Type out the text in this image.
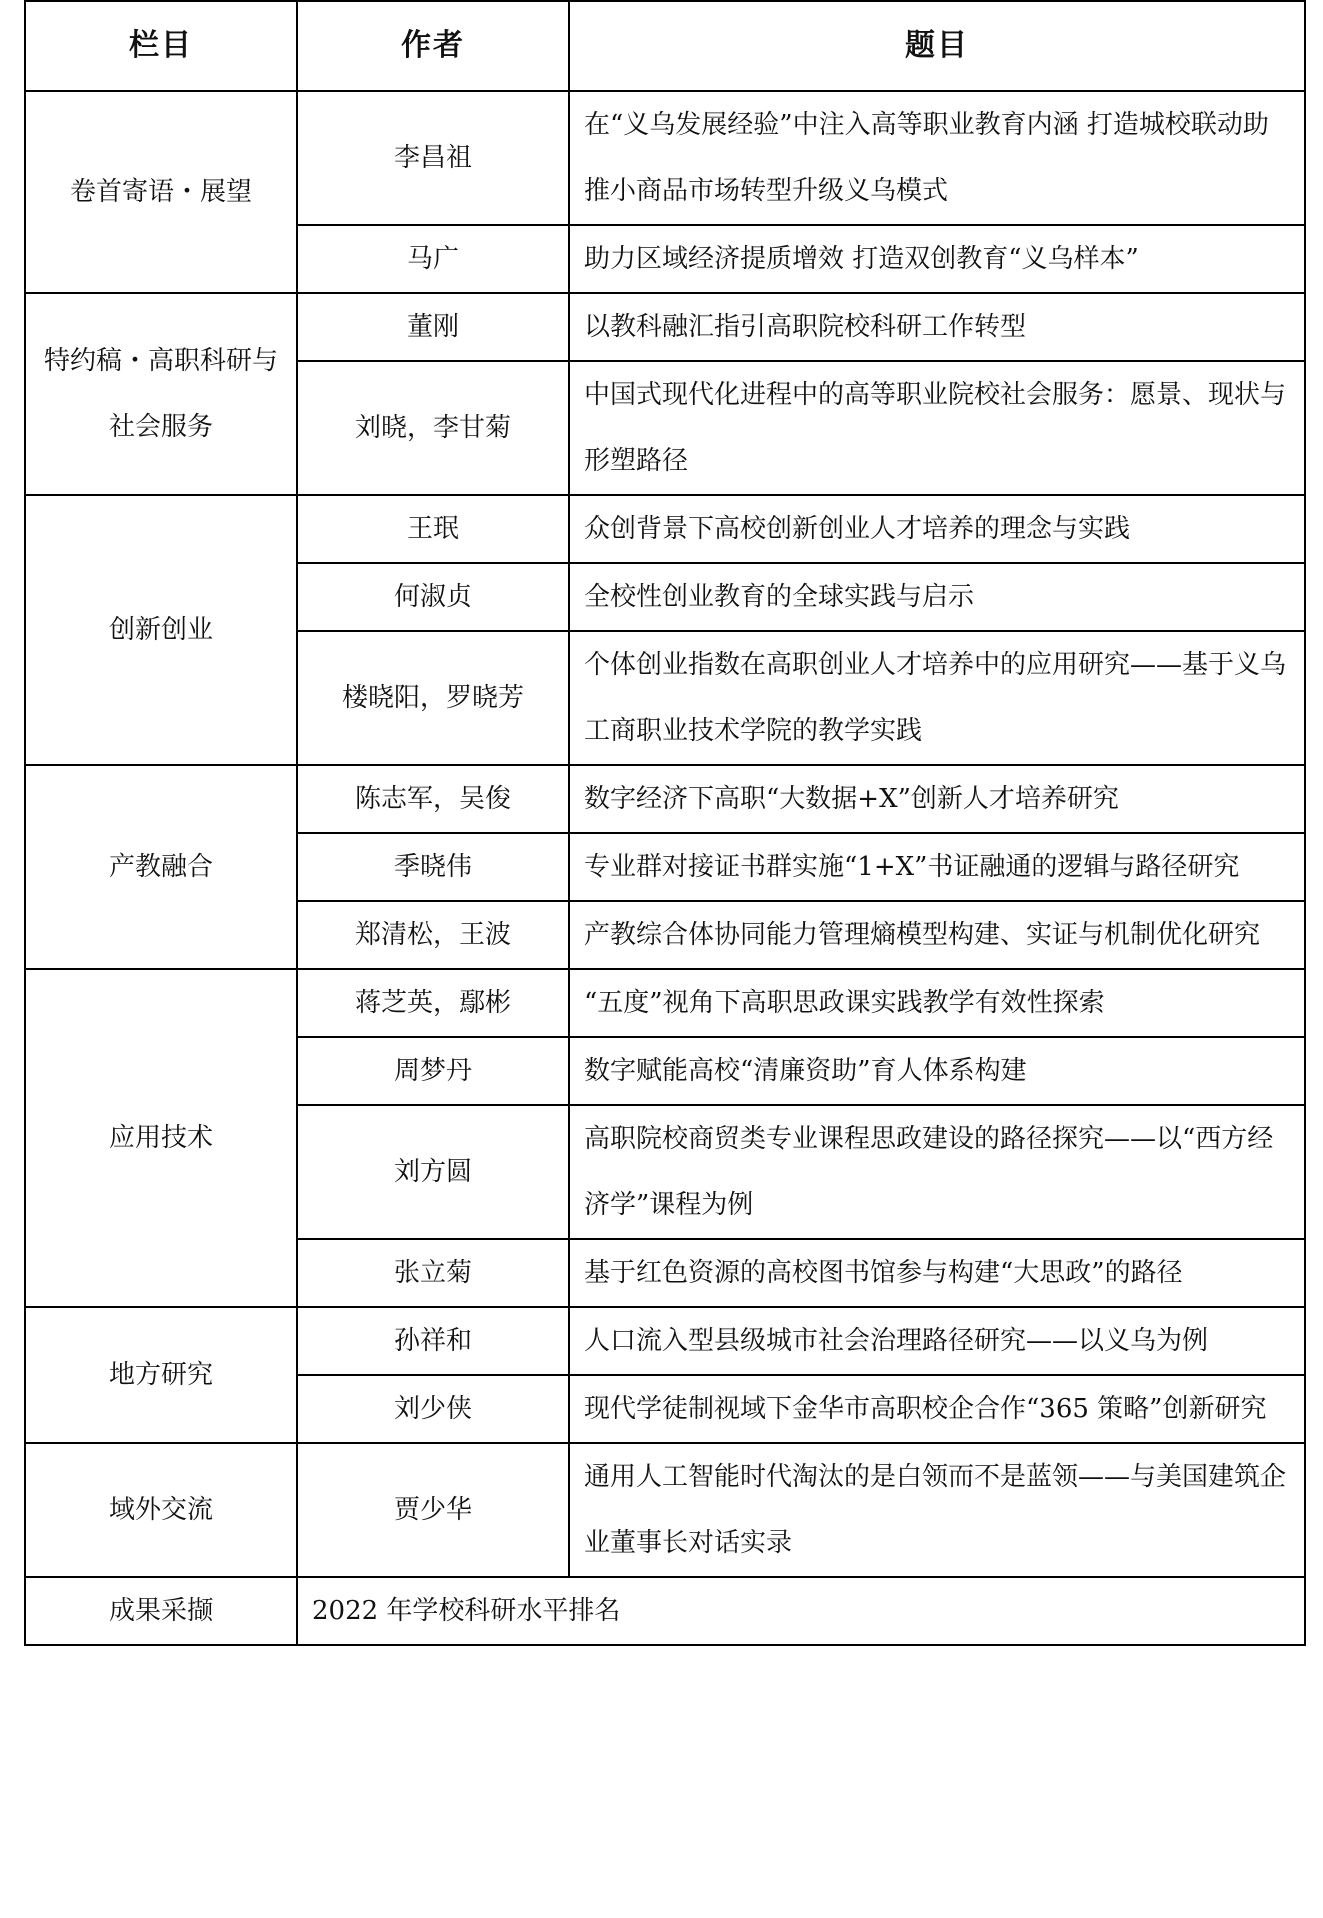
栏目	作者	题目
卷首寄语・展望	李昌祖	在“义乌发展经验”中注入高等职业教育内涵 打造城校联动助推小商品市场转型升级义乌模式
	马广	助力区域经济提质增效 打造双创教育“义乌样本”
特约稿・高职科研与社会服务	董刚	以教科融汇指引高职院校科研工作转型
	刘晓，李甘菊	中国式现代化进程中的高等职业院校社会服务：愿景、现状与形塑路径
创新创业	王珉	众创背景下高校创新创业人才培养的理念与实践
	何淑贞	全校性创业教育的全球实践与启示
	楼晓阳，罗晓芳	个体创业指数在高职创业人才培养中的应用研究——基于义乌工商职业技术学院的教学实践
产教融合	陈志军，吴俊	数字经济下高职“大数据+X”创新人才培养研究
	季晓伟	专业群对接证书群实施“1+X”书证融通的逻辑与路径研究
	郑清松，王波	产教综合体协同能力管理熵模型构建、实证与机制优化研究
应用技术	蒋芝英，鄢彬	“五度”视角下高职思政课实践教学有效性探索
	周梦丹	数字赋能高校“清廉资助”育人体系构建
	刘方圆	高职院校商贸类专业课程思政建设的路径探究——以“西方经济学”课程为例
	张立菊	基于红色资源的高校图书馆参与构建“大思政”的路径
地方研究	孙祥和	人口流入型县级城市社会治理路径研究——以义乌为例
	刘少侠	现代学徒制视域下金华市高职校企合作“365 策略”创新研究
域外交流	贾少华	通用人工智能时代淘汰的是白领而不是蓝领——与美国建筑企业董事长对话实录
成果采撷	2022 年学校科研水平排名	
